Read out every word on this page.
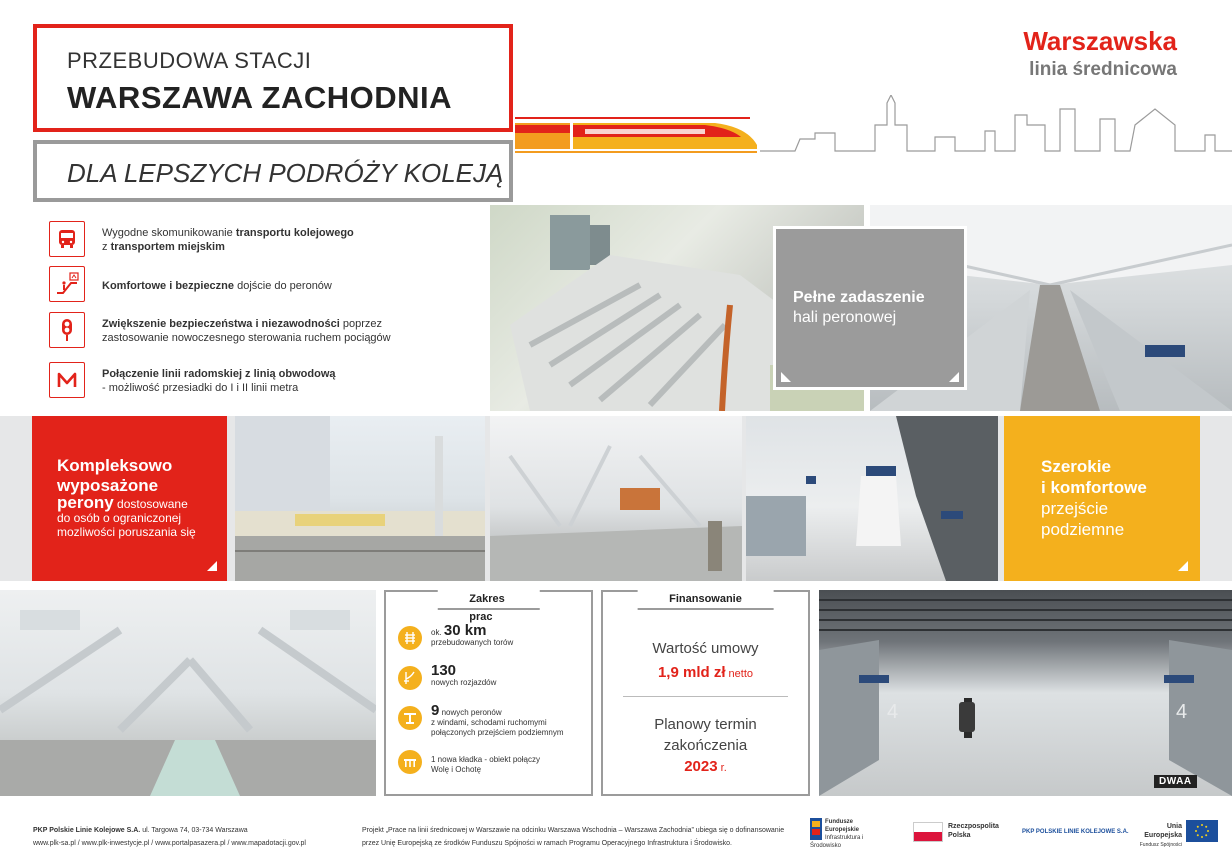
PRZEBUDOWA STACJI
WARSZAWA ZACHODNIA
DLA LEPSZYCH PODRÓŻY KOLEJĄ
Warszawska
linia średnicowa
Wygodne skomunikowanie transportu kolejowego
z transportem miejskim
Komfortowe i bezpieczne dojście do peronów
Zwiększenie bezpieczeństwa i niezawodności poprzez
zastosowanie nowoczesnego sterowania ruchem pociągów
Połączenie linii radomskiej z linią obwodową
- możliwość przesiadki do I i II linii metra
Pełne zadaszenie
hali peronowej
Kompleksowo
wyposażone
perony dostosowane
do osób o ograniczonej
mozliwości poruszania się
Szerokie
i komfortowe
przejście
podziemne
Zakres prac
ok. 30 km
przebudowanych torów
130
nowych rozjazdów
9 nowych peronów
z windami, schodami ruchomymi
połączonych przejściem podziemnym
1 nowa kładka - obiekt połączy
Wolę i Ochotę
Finansowanie
Wartość umowy
1,9 mld zł netto
Planowy termin
zakończenia
2023 r.
4	4
DWAA
PKP Polskie Linie Kolejowe S.A. ul. Targowa 74, 03-734 Warszawa
www.plk-sa.pl / www.plk-inwestycje.pl / www.portalpasazera.pl / www.mapadotacji.gov.pl
Projekt „Prace na linii średnicowej w Warszawie na odcinku Warszawa Wschodnia – Warszawa Zachodnia” ubiega się o dofinansowanie
przez Unię Europejską ze środków Funduszu Spójności w ramach Programu Operacyjnego Infrastruktura i Środowisko.
Fundusze
Europejskie
Infrastruktura i Środowisko
Rzeczpospolita
Polska	PKP POLSKIE LINIE KOLEJOWE S.A.
Unia Europejska
Fundusz Spójności
